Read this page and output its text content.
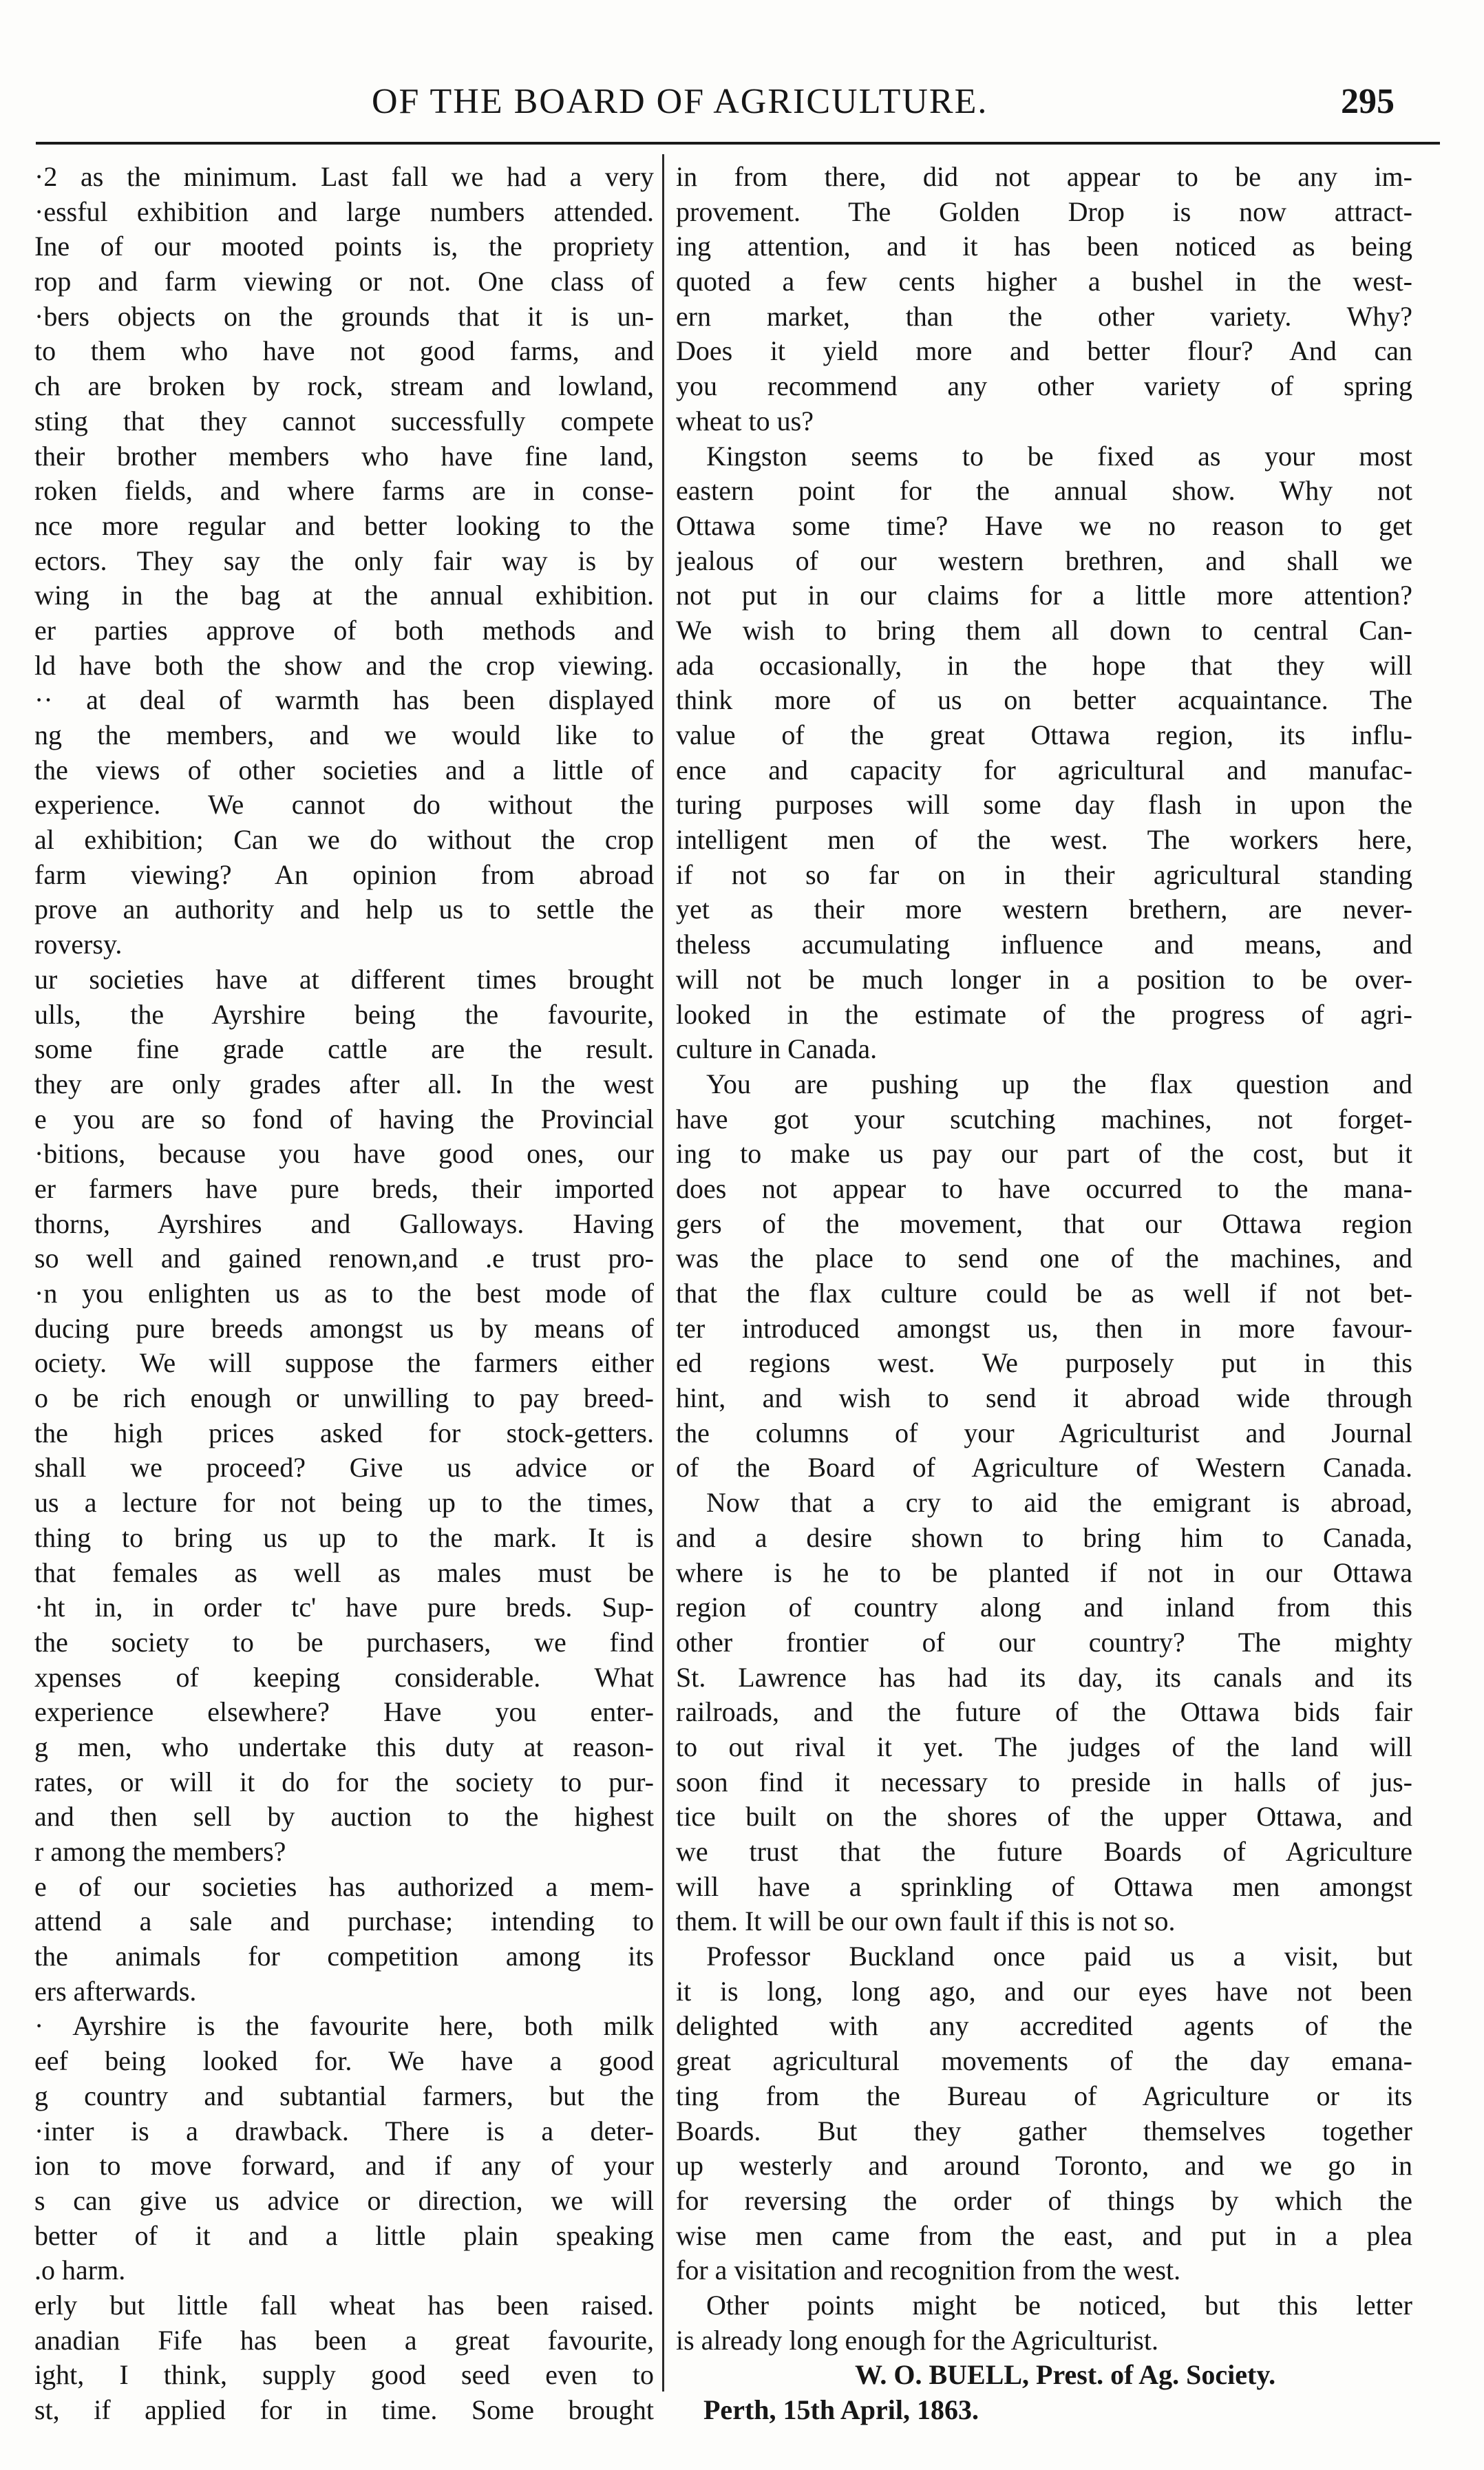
OF THE BOARD OF AGRICULTURE.	295
·2 as the minimum. Last fall we had a very
·essful exhibition and large numbers attended.
Ine of our mooted points is, the propriety
rop and farm viewing or not. One class of
·bers objects on the grounds that it is un-
to them who have not good farms, and
ch are broken by rock, stream and lowland,
sting that they cannot successfully compete
their brother members who have fine land,
roken fields, and where farms are in conse-
nce more regular and better looking to the
ectors. They say the only fair way is by
wing in the bag at the annual exhibition.
er parties approve of both methods and
ld have both the show and the crop viewing.
·· at deal of warmth has been displayed
ng the members, and we would like to
the views of other societies and a little of
experience. We cannot do without the
al exhibition; Can we do without the crop
farm viewing? An opinion from abroad
prove an authority and help us to settle the
roversy.
ur societies have at different times brought
ulls, the Ayrshire being the favourite,
some fine grade cattle are the result.
they are only grades after all. In the west
e you are so fond of having the Provincial
·bitions, because you have good ones, our
er farmers have pure breds, their imported
thorns, Ayrshires and Galloways. Having
so well and gained renown,and .e trust pro-
·n you enlighten us as to the best mode of
ducing pure breeds amongst us by means of
ociety. We will suppose the farmers either
o be rich enough or unwilling to pay breed-
the high prices asked for stock-getters.
shall we proceed? Give us advice or
us a lecture for not being up to the times,
thing to bring us up to the mark. It is
that females as well as males must be
·ht in, in order tc' have pure breds. Sup-
the society to be purchasers, we find
xpenses of keeping considerable. What
experience elsewhere? Have you enter-
g men, who undertake this duty at reason-
rates, or will it do for the society to pur-
and then sell by auction to the highest
r among the members?
e of our societies has authorized a mem-
attend a sale and purchase; intending to
the animals for competition among its
ers afterwards.
· Ayrshire is the favourite here, both milk
eef being looked for. We have a good
g country and subtantial farmers, but the
·inter is a drawback. There is a deter-
ion to move forward, and if any of your
s can give us advice or direction, we will
better of it and a little plain speaking
.o harm.
erly but little fall wheat has been raised.
anadian Fife has been a great favourite,
ight, I think, supply good seed even to
st, if applied for in time. Some brought
in from there, did not appear to be any im-
provement. The Golden Drop is now attract-
ing attention, and it has been noticed as being
quoted a few cents higher a bushel in the west-
ern market, than the other variety. Why?
Does it yield more and better flour? And can
you recommend any other variety of spring
wheat to us?
Kingston seems to be fixed as your most
eastern point for the annual show. Why not
Ottawa some time? Have we no reason to get
jealous of our western brethren, and shall we
not put in our claims for a little more attention?
We wish to bring them all down to central Can-
ada occasionally, in the hope that they will
think more of us on better acquaintance. The
value of the great Ottawa region, its influ-
ence and capacity for agricultural and manufac-
turing purposes will some day flash in upon the
intelligent men of the west. The workers here,
if not so far on in their agricultural standing
yet as their more western brethern, are never-
theless accumulating influence and means, and
will not be much longer in a position to be over-
looked in the estimate of the progress of agri-
culture in Canada.
You are pushing up the flax question and
have got your scutching machines, not forget-
ing to make us pay our part of the cost, but it
does not appear to have occurred to the mana-
gers of the movement, that our Ottawa region
was the place to send one of the machines, and
that the flax culture could be as well if not bet-
ter introduced amongst us, then in more favour-
ed regions west. We purposely put in this
hint, and wish to send it abroad wide through
the columns of your Agriculturist and Journal
of the Board of Agriculture of Western Canada.
Now that a cry to aid the emigrant is abroad,
and a desire shown to bring him to Canada,
where is he to be planted if not in our Ottawa
region of country along and inland from this
other frontier of our country? The mighty
St. Lawrence has had its day, its canals and its
railroads, and the future of the Ottawa bids fair
to out rival it yet. The judges of the land will
soon find it necessary to preside in halls of jus-
tice built on the shores of the upper Ottawa, and
we trust that the future Boards of Agriculture
will have a sprinkling of Ottawa men amongst
them. It will be our own fault if this is not so.
Professor Buckland once paid us a visit, but
it is long, long ago, and our eyes have not been
delighted with any accredited agents of the
great agricultural movements of the day emana-
ting from the Bureau of Agriculture or its
Boards. But they gather themselves together
up westerly and around Toronto, and we go in
for reversing the order of things by which the
wise men came from the east, and put in a plea
for a visitation and recognition from the west.
Other points might be noticed, but this letter
is already long enough for the Agriculturist.
W. O. BUELL, Prest. of Ag. Society.
Perth, 15th April, 1863.
